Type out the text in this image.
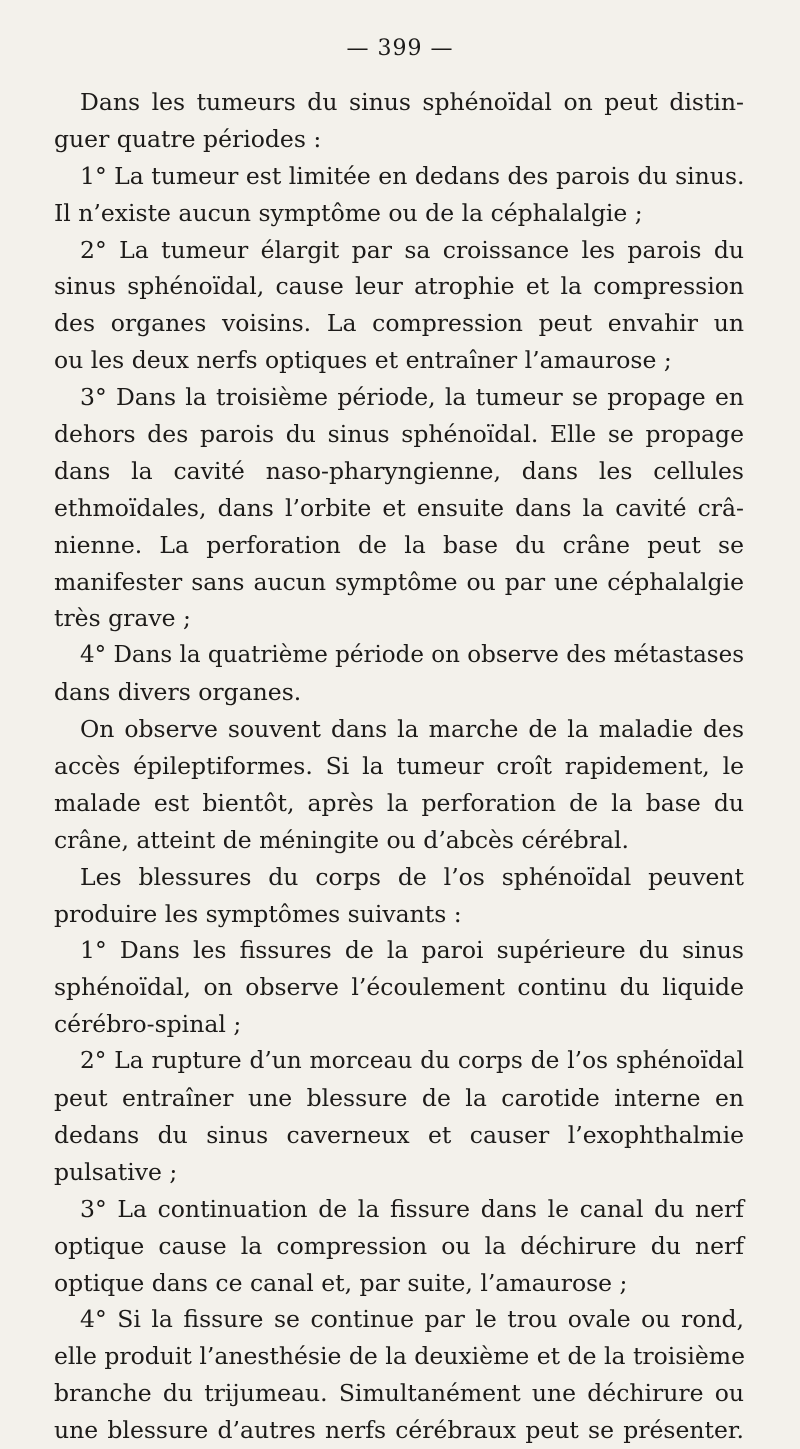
— 399 —
Dans les tumeurs du sinus sphénoïdal on peut distin-
guer quatre périodes :
1° La tumeur est limitée en dedans des parois du sinus.
Il n’existe aucun symptôme ou de la céphalalgie ;
2° La tumeur élargit par sa croissance les parois du
sinus sphénoïdal, cause leur atrophie et la compression
des organes voisins. La compression peut envahir un
ou les deux nerfs optiques et entraîner l’amaurose ;
3° Dans la troisième période, la tumeur se propage en
dehors des parois du sinus sphénoïdal. Elle se propage
dans la cavité naso-pharyngienne, dans les cellules
ethmoïdales, dans l’orbite et ensuite dans la cavité crâ-
nienne. La perforation de la base du crâne peut se
manifester sans aucun symptôme ou par une céphalalgie
très grave ;
4° Dans la quatrième période on observe des métastases
dans divers organes.
On observe souvent dans la marche de la maladie des
accès épileptiformes. Si la tumeur croît rapidement, le
malade est bientôt, après la perforation de la base du
crâne, atteint de méningite ou d’abcès cérébral.
Les blessures du corps de l’os sphénoïdal peuvent
produire les symptômes suivants :
1° Dans les fissures de la paroi supérieure du sinus
sphénoïdal, on observe l’écoulement continu du liquide
cérébro-spinal ;
2° La rupture d’un morceau du corps de l’os sphénoïdal
peut entraîner une blessure de la carotide interne en
dedans du sinus caverneux et causer l’exophthalmie
pulsative ;
3° La continuation de la fissure dans le canal du nerf
optique cause la compression ou la déchirure du nerf
optique dans ce canal et, par suite, l’amaurose ;
4° Si la fissure se continue par le trou ovale ou rond,
elle produit l’anesthésie de la deuxième et de la troisième
branche du trijumeau. Simultanément une déchirure ou
une blessure d’autres nerfs cérébraux peut se présenter.
